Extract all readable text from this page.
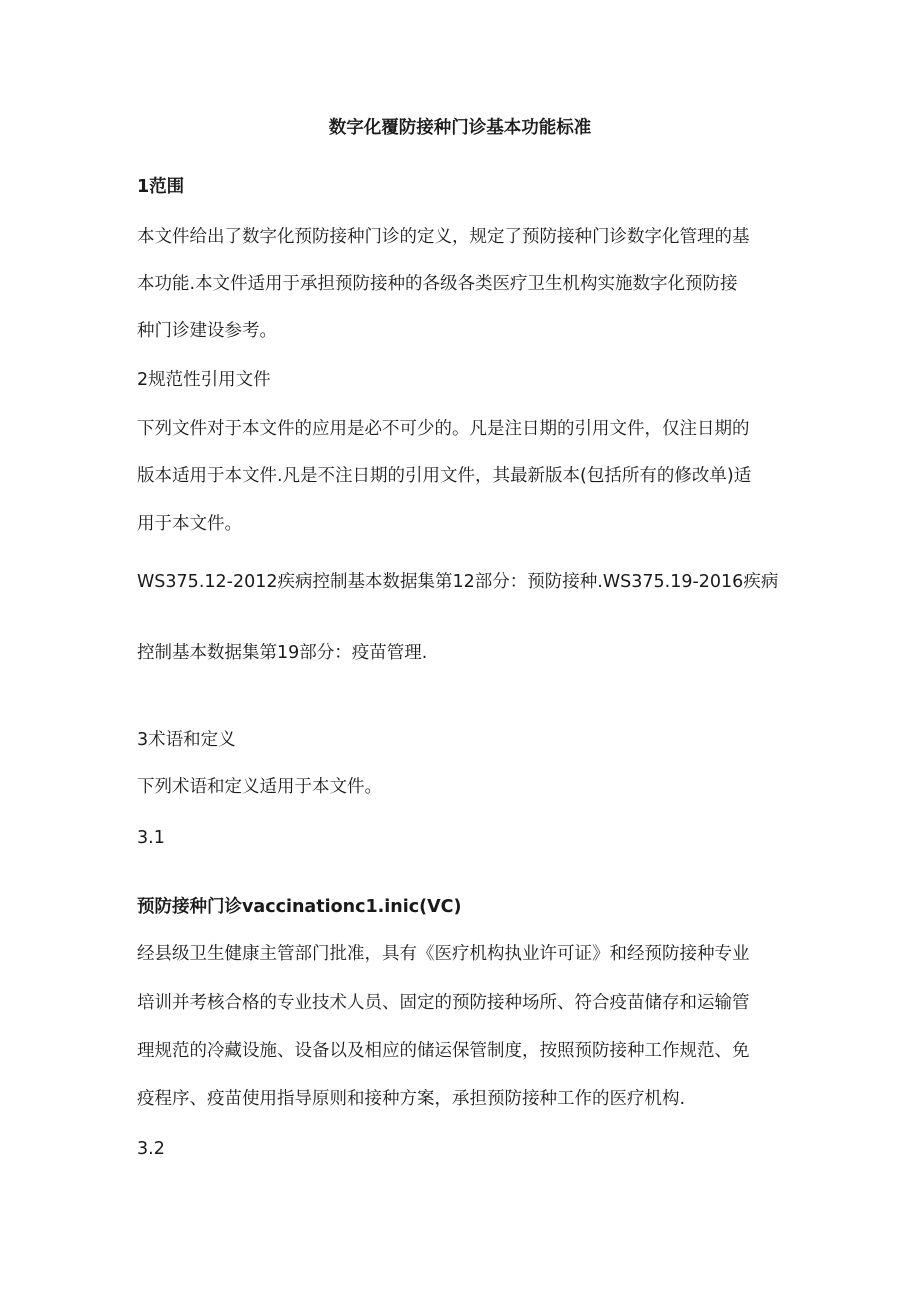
数字化覆防接种门诊基本功能标准
1范围
本文件给出了数字化预防接种门诊的定义，规定了预防接种门诊数字化管理的基
本功能.本文件适用于承担预防接种的各级各类医疗卫生机构实施数字化预防接
种门诊建设参考。
2规范性引用文件
下列文件对于本文件的应用是必不可少的。凡是注日期的引用文件，仅注日期的
版本适用于本文件.凡是不注日期的引用文件，其最新版本(包括所有的修改单)适
用于本文件。
WS375.12-2012疾病控制基本数据集第12部分：预防接种.WS375.19-2016疾病
控制基本数据集第19部分：疫苗管理.
3术语和定义
下列术语和定义适用于本文件。
3.1
预防接种门诊vaccinationc1.inic(VC)
经县级卫生健康主管部门批准，具有《医疗机构执业许可证》和经预防接种专业
培训并考核合格的专业技术人员、固定的预防接种场所、符合疫苗储存和运输管
理规范的冷藏设施、设备以及相应的储运保管制度，按照预防接种工作规范、免
疫程序、疫苗使用指导原则和接种方案，承担预防接种工作的医疗机构.
3.2
